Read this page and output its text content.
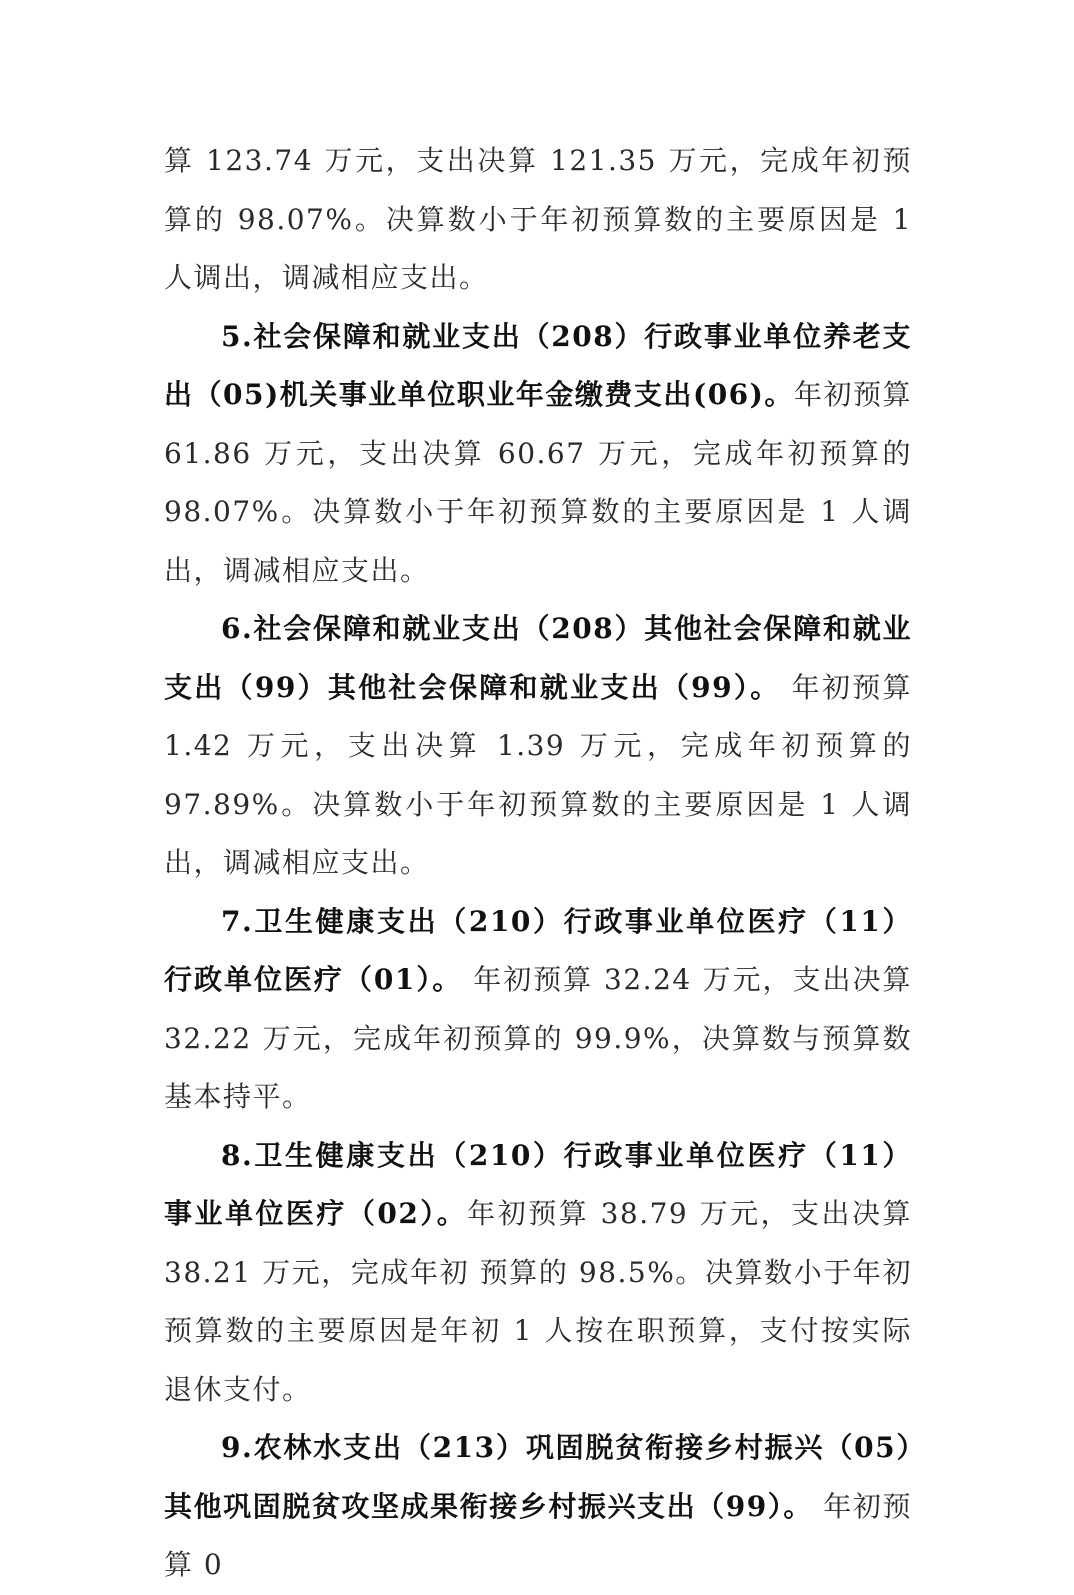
算 123.74 万元，支出决算 121.35 万元，完成年初预算的 98.07%。决算数小于年初预算数的主要原因是 1 人调出，调减相应支出。

5.社会保障和就业支出（208）行政事业单位养老支出（05)机关事业单位职业年金缴费支出(06)。年初预算 61.86 万元，支出决算 60.67 万元，完成年初预算的 98.07%。决算数小于年初预算数的主要原因是 1 人调出，调减相应支出。

6.社会保障和就业支出（208）其他社会保障和就业支出（99）其他社会保障和就业支出（99）。 年初预算 1.42 万元，支出决算 1.39 万元，完成年初预算的 97.89%。决算数小于年初预算数的主要原因是 1 人调出，调减相应支出。

7.卫生健康支出（210）行政事业单位医疗（11）行政单位医疗（01）。 年初预算 32.24 万元，支出决算 32.22 万元，完成年初预算的 99.9%，决算数与预算数基本持平。

8.卫生健康支出（210）行政事业单位医疗（11）事业单位医疗（02）。年初预算 38.79 万元，支出决算 38.21 万元，完成年初 预算的 98.5%。决算数小于年初预算数的主要原因是年初 1 人按在职预算，支付按实际退休支付。

9.农林水支出（213）巩固脱贫衔接乡村振兴（05）其他巩固脱贫攻坚成果衔接乡村振兴支出（99）。 年初预算 0
